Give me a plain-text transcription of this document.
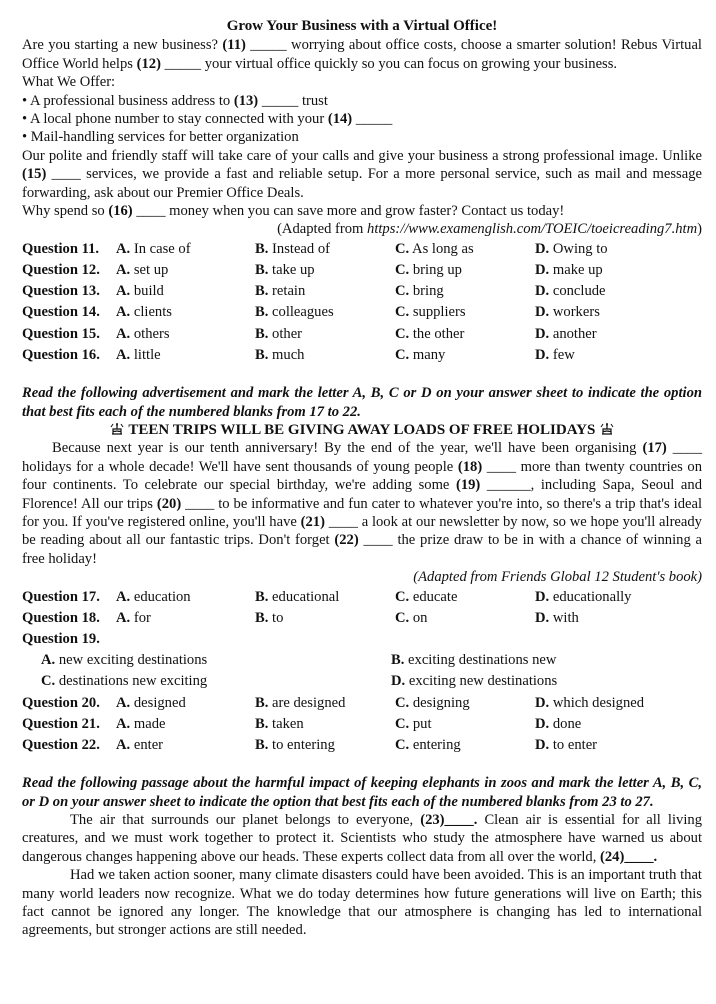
Grow Your Business with a Virtual Office!

Are you starting a new business? (11) _____ worrying about office costs, choose a smarter solution! Rebus Virtual Office World helps (12) _____ your virtual office quickly so you can focus on growing your business.

What We Offer:

• A professional business address to (13) _____ trust

• A local phone number to stay connected with your (14) _____

• Mail-handling services for better organization

Our polite and friendly staff will take care of your calls and give your business a strong professional image. Unlike (15) ____ services, we provide a fast and reliable setup. For a more personal service, such as mail and message forwarding, ask about our Premier Office Deals.

Why spend so (16) ____ money when you can save more and grow faster? Contact us today!

(Adapted from https://www.examenglish.com/TOEIC/toeicreading7.htm)

Question 11.	A. In case of	B. Instead of	C. As long as	D. Owing to
Question 12.	A. set up	B. take up	C. bring up	D. make up
Question 13.	A. build	B. retain	C. bring	D. conclude
Question 14.	A. clients	B. colleagues	C. suppliers	D. workers
Question 15.	A. others	B. other	C. the other	D. another
Question 16.	A. little	B. much	C. many	D. few

Read the following advertisement and mark the letter A, B, C or D on your answer sheet to indicate the option that best fits each of the numbered blanks from 17 to 22.

TEEN TRIPS WILL BE GIVING AWAY LOADS OF FREE HOLIDAYS

Because next year is our tenth anniversary! By the end of the year, we'll have been organising (17) ____ holidays for a whole decade! We'll have sent thousands of young people (18) ____ more than twenty countries on four continents. To celebrate our special birthday, we're adding some (19) ______, including Sapa, Seoul and Florence! All our trips (20) ____ to be informative and fun cater to whatever you're into, so there's a trip that's ideal for you. If you've registered online, you'll have (21) ____ a look at our newsletter by now, so we hope you'll already be reading about all our fantastic trips. Don't forget (22) ____ the prize draw to be in with a chance of winning a free holiday!

(Adapted from Friends Global 12 Student's book)

Question 17.	A. education	B. educational	C. educate	D. educationally
Question 18.	A. for	B. to	C. on	D. with
Question 19.
A. new exciting destinations	B. exciting destinations new
C. destinations new exciting	D. exciting new destinations
Question 20.	A. designed	B. are designed	C. designing	D. which designed
Question 21.	A. made	B. taken	C. put	D. done
Question 22.	A. enter	B. to entering	C. entering	D. to enter

Read the following passage about the harmful impact of keeping elephants in zoos and mark the letter A, B, C, or D on your answer sheet to indicate the option that best fits each of the numbered blanks from 23 to 27.

The air that surrounds our planet belongs to everyone, (23)____. Clean air is essential for all living creatures, and we must work together to protect it. Scientists who study the atmosphere have warned us about dangerous changes happening above our heads. These experts collect data from all over the world, (24)____.

Had we taken action sooner, many climate disasters could have been avoided. This is an important truth that many world leaders now recognize. What we do today determines how future generations will live on Earth; this fact cannot be ignored any longer. The knowledge that our atmosphere is changing has led to international agreements, but stronger actions are still needed.
